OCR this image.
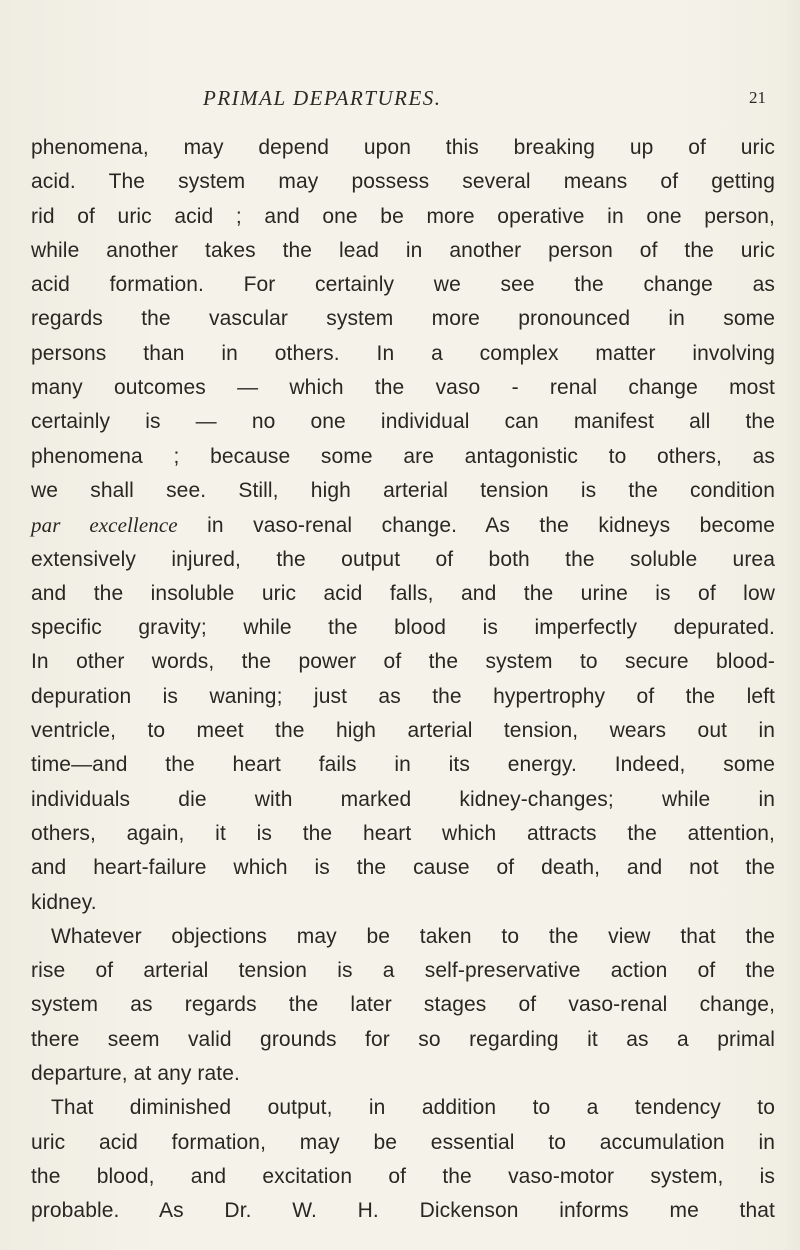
PRIMAL DEPARTURES.	21
phenomena, may depend upon this breaking up of uric
acid. The system may possess several means of getting
rid of uric acid ; and one be more operative in one person,
while another takes the lead in another person of the uric
acid formation. For certainly we see the change as
regards the vascular system more pronounced in some
persons than in others. In a complex matter involving
many outcomes — which the vaso - renal change most
certainly is — no one individual can manifest all the
phenomena ; because some are antagonistic to others, as
we shall see. Still, high arterial tension is the condition
par excellence in vaso-renal change. As the kidneys become
extensively injured, the output of both the soluble urea
and the insoluble uric acid falls, and the urine is of low
specific gravity; while the blood is imperfectly depurated.
In other words, the power of the system to secure blood-
depuration is waning; just as the hypertrophy of the left
ventricle, to meet the high arterial tension, wears out in
time—and the heart fails in its energy. Indeed, some
individuals die with marked kidney-changes; while in
others, again, it is the heart which attracts the attention,
and heart-failure which is the cause of death, and not the
kidney.
Whatever objections may be taken to the view that the
rise of arterial tension is a self-preservative action of the
system as regards the later stages of vaso-renal change,
there seem valid grounds for so regarding it as a primal
departure, at any rate.
That diminished output, in addition to a tendency to
uric acid formation, may be essential to accumulation in
the blood, and excitation of the vaso-motor system, is
probable. As Dr. W. H. Dickenson informs me that
